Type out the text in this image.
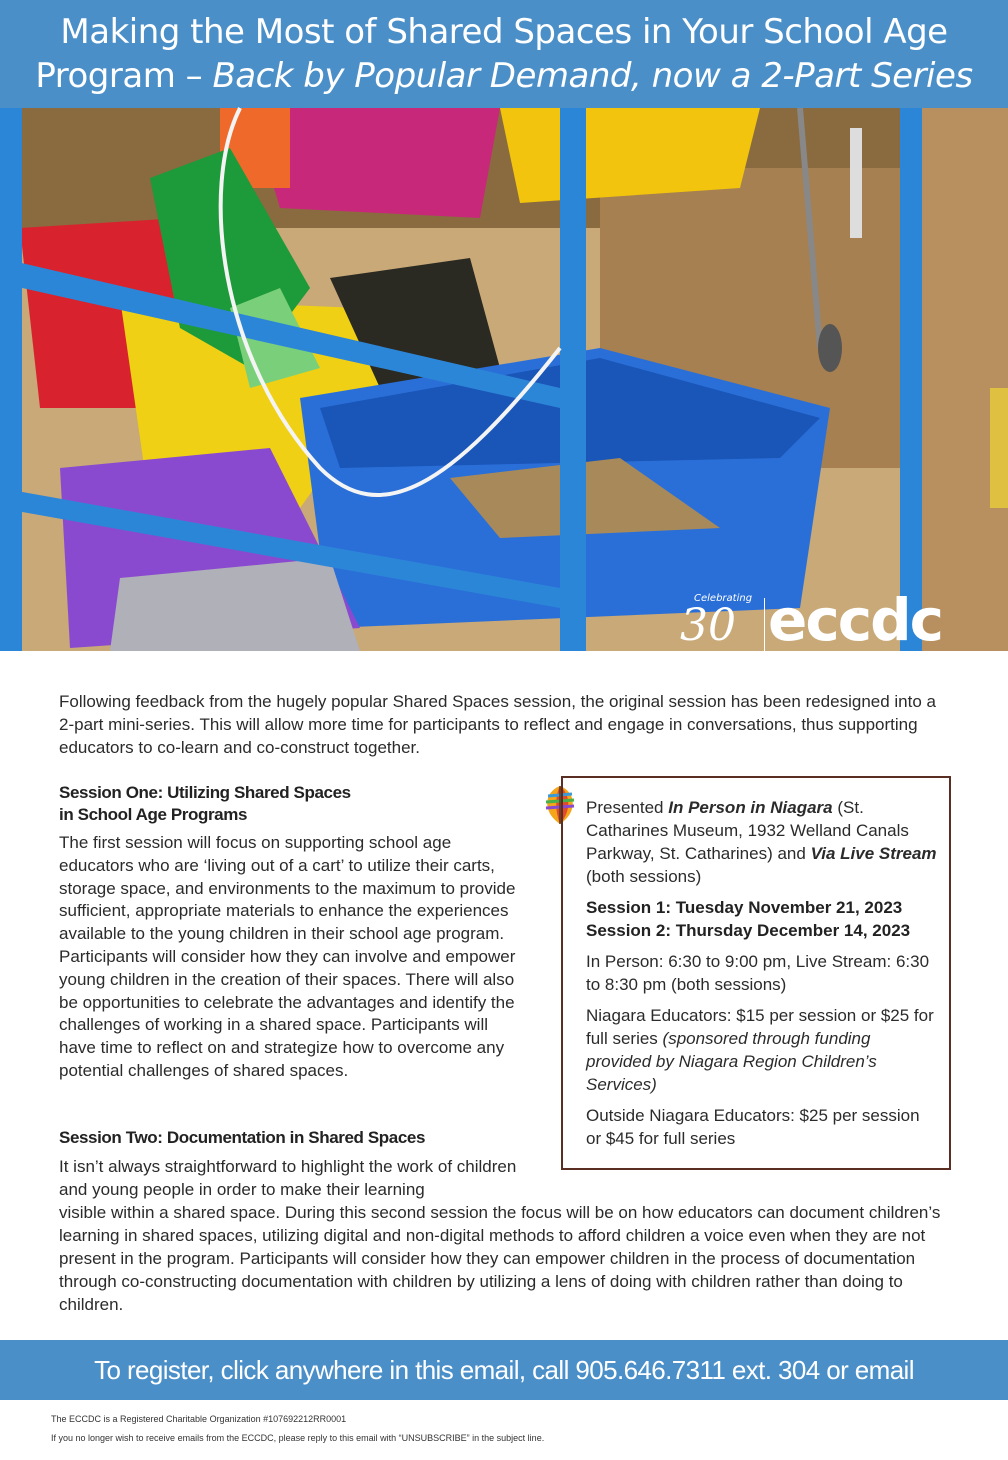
Making the Most of Shared Spaces in Your School Age
Program – Back by Popular Demand, now a 2-Part Series
Celebrating
30
years
eccdc
early childhood community development centre
Following feedback from the hugely popular Shared Spaces session, the original session has been redesigned into a 2-part mini-series. This will allow more time for participants to reflect and engage in conversations, thus supporting educators to co-learn and co-construct together.
Session One: Utilizing Shared Spaces
in School Age Programs
The first session will focus on supporting school age educators who are ‘living out of a cart’ to utilize their carts, storage space, and environments to the maximum to provide sufficient, appropriate materials to enhance the experiences available to the young children in their school age program. Participants will consider how they can involve and empower young children in the creation of their spaces. There will also be opportunities to celebrate the advantages and identify the challenges of working in a shared space. Participants will have time to reflect on and strategize how to overcome any potential challenges of shared spaces.
Session Two: Documentation in Shared Spaces
It isn’t always straightforward to highlight the work of children and young people in order to make their learning
visible within a shared space. During this second session the focus will be on how educators can document children’s learning in shared spaces, utilizing digital and non-digital methods to afford children a voice even when they are not present in the program. Participants will consider how they can empower children in the process of documentation through co-constructing documentation with children by utilizing a lens of doing with children rather than doing to children.

Presented In Person in Niagara (St. Catharines Museum, 1932 Welland Canals Parkway, St. Catharines) and Via Live Stream (both sessions)

Session 1: Tuesday November 21, 2023
Session 2: Thursday December 14, 2023

In Person: 6:30 to 9:00 pm, Live Stream: 6:30 to 8:30 pm (both sessions)

Niagara Educators: $15 per session or $25 for full series (sponsored through funding provided by Niagara Region Children’s Services)

Outside Niagara Educators: $25 per session or $45 for full series

To register, click anywhere in this email, call 905.646.7311 ext. 304 or email eccdc@eccdc.org
The ECCDC is a Registered Charitable Organization #107692212RR0001
If you no longer wish to receive emails from the ECCDC, please reply to this email with “UNSUBSCRIBE” in the subject line.
